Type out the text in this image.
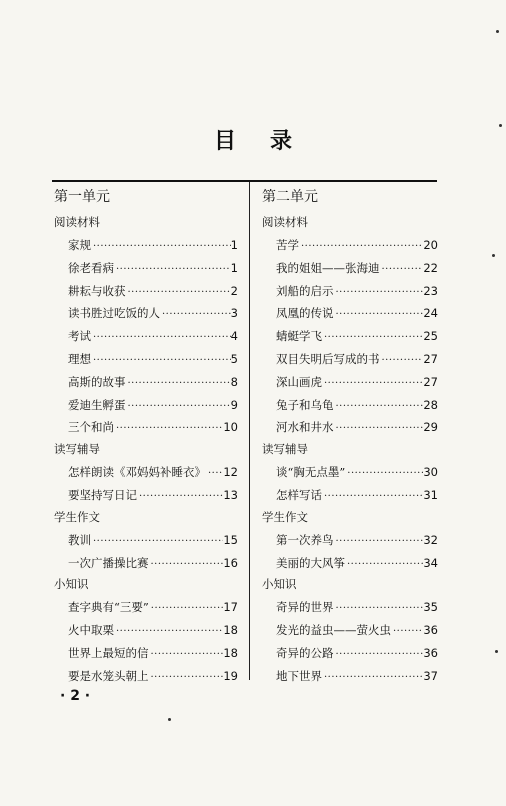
目 录
第一单元
阅读材料
家规 ·····	1
徐老看病 ·····	1
耕耘与收获 ·····	2
读书胜过吃饭的人 ·····	3
考试 ·····	4
理想 ·····	5
高斯的故事 ·····	8
爱迪生孵蛋 ·····	9
三个和尚 ·····	10
读写辅导
怎样朗读《邓妈妈补睡衣》 ····· 12
要坚持写日记 ·····	13
学生作文
教训 ·····	15
一次广播操比赛 ·····	16
小知识
查字典有“三要” ·····	17
火中取栗 ·····	18
世界上最短的信 ·····	18
要是水笼头朝上 ·····	19
第二单元
阅读材料
苦学 ·····	20
我的姐姐——张海迪 ·····	22
刘船的启示 ·····	23
凤凰的传说 ·····	24
蜻蜓学飞 ·····	25
双目失明后写成的书 ·····	27
深山画虎 ·····	27
兔子和乌龟 ·····	28
河水和井水 ·····	29
读写辅导
谈“胸无点墨” ·····	30
怎样写话 ·····	31
学生作文
第一次养鸟 ·····	32
美丽的大风筝 ·····	34
小知识
奇异的世界 ·····	35
发光的益虫——萤火虫 ·····	36
奇异的公路 ·····	36
地下世界 ·····	37
· 2 ·
